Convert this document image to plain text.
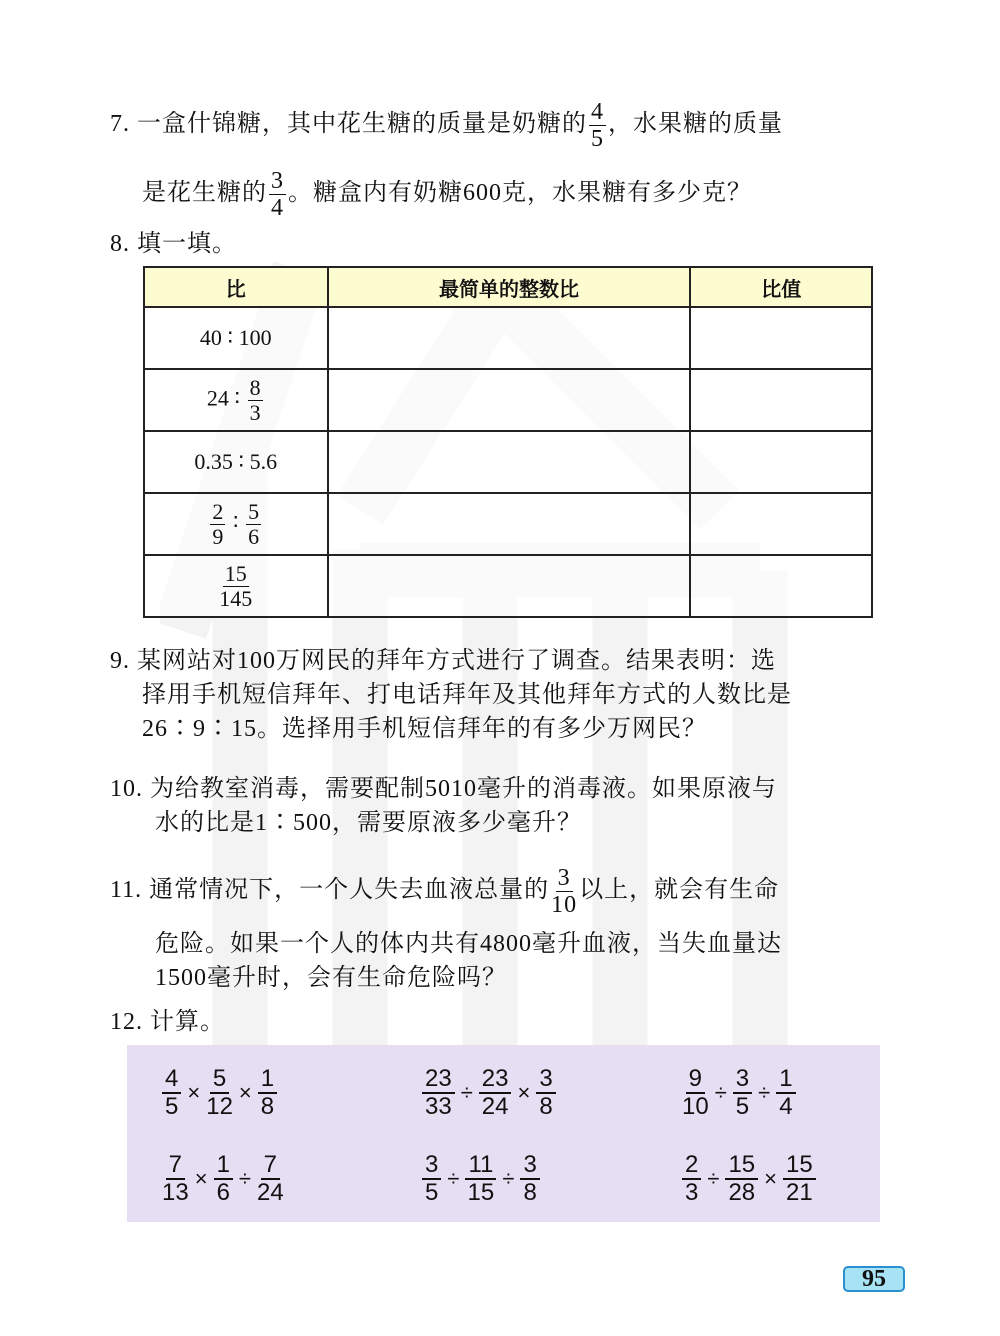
7. 一盒什锦糖，其中花生糖的质量是奶糖的 $\frac{4}{5}$ ，水果糖的质量
是花生糖的 $\frac{3}{4}$ 。糖盒内有奶糖600克，水果糖有多少克？
8. 填一填。
比	最简单的整数比	比值
40 ∶ 100		
24 ∶ $\frac{8}{3}$

0.35 ∶ 5.6		

$\frac{2}{9}$ ∶ $\frac{5}{6}$

$\frac{15}{145}$

9. 某网站对100万网民的拜年方式进行了调查。结果表明：选
择用手机短信拜年、打电话拜年及其他拜年方式的人数比是
26∶9∶15。选择用手机短信拜年的有多少万网民？
10. 为给教室消毒，需要配制5010毫升的消毒液。如果原液与
水的比是1∶500，需要原液多少毫升？
11. 通常情况下，一个人失去血液总量的 $\frac{3}{10}$ 以上，就会有生命
危险。如果一个人的体内共有4800毫升血液，当失血量达
1500毫升时，会有生命危险吗？
12. 计算。
$\frac{4}{5} \times \frac{5}{12} \times \frac{1}{8}$	$\frac{23}{33} \div \frac{23}{24} \times \frac{3}{8}$	$\frac{9}{10} \div \frac{3}{5} \div \frac{1}{4}$
$\frac{7}{13} \times \frac{1}{6} \div \frac{7}{24}$	$\frac{3}{5} \div \frac{11}{15} \div \frac{3}{8}$	$\frac{2}{3} \div \frac{15}{28} \times \frac{15}{21}$
95
